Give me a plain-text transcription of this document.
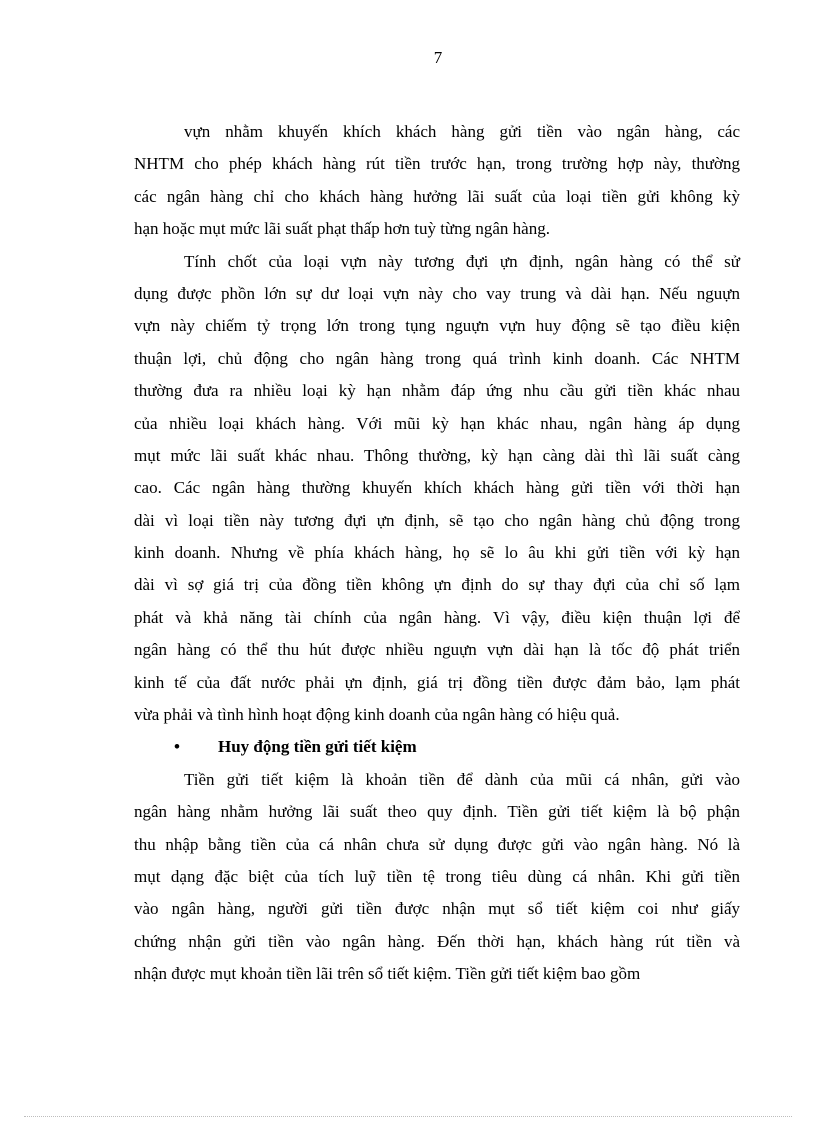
7
vựn nhằm khuyến khích khách hàng gửi tiền vào ngân hàng, các
NHTM cho phép khách hàng rút tiền trước hạn, trong trường hợp này, thường
các ngân hàng chỉ cho khách hàng hưởng lãi suất của loại tiền gửi không kỳ
hạn hoặc mụt mức lãi suất phạt thấp hơn tuỳ từng ngân hàng.
Tính chốt của loại vựn này tương đựi ựn định, ngân hàng có thể sử
dụng được phồn lớn sự dư loại vựn này cho vay trung và dài hạn. Nếu nguựn
vựn này chiếm tỷ trọng lớn trong tụng nguựn vựn huy động sẽ tạo điều kiện
thuận lợi, chủ động cho ngân hàng trong quá trình kinh doanh. Các NHTM
thường đưa ra nhiều loại kỳ hạn nhằm đáp ứng nhu cầu gửi tiền khác nhau
của nhiều loại khách hàng. Với mũi kỳ hạn khác nhau, ngân hàng áp dụng
mụt mức lãi suất khác nhau. Thông thường, kỳ hạn càng dài thì lãi suất càng
cao. Các ngân hàng thường khuyến khích khách hàng gửi tiền với thời hạn
dài vì loại tiền này tương đựi ựn định, sẽ tạo cho ngân hàng chủ động trong
kinh doanh. Nhưng về phía khách hàng, họ sẽ lo âu khi gửi tiền với kỳ hạn
dài vì sợ giá trị của đồng tiền không ựn định do sự thay đựi của chỉ số lạm
phát và khả năng tài chính của ngân hàng. Vì vậy, điều kiện thuận lợi để
ngân hàng có thể thu hút được nhiều nguựn vựn dài hạn là tốc độ phát triển
kinh tế của đất nước phải ựn định, giá trị đồng tiền được đảm bảo, lạm phát
vừa phải và tình hình hoạt động kinh doanh của ngân hàng có hiệu quả.
• Huy động tiền gửi tiết kiệm
Tiền gửi tiết kiệm là khoản tiền để dành của mũi cá nhân, gửi vào
ngân hàng nhằm hưởng lãi suất theo quy định. Tiền gửi tiết kiệm là bộ phận
thu nhập bằng tiền của cá nhân chưa sử dụng được gửi vào ngân hàng. Nó là
mụt dạng đặc biệt của tích luỹ tiền tệ trong tiêu dùng cá nhân. Khi gửi tiền
vào ngân hàng, người gửi tiền được nhận mụt sổ tiết kiệm coi như giấy
chứng nhận gửi tiền vào ngân hàng. Đến thời hạn, khách hàng rút tiền và
nhận được mụt khoản tiền lãi trên sổ tiết kiệm. Tiền gửi tiết kiệm bao gồm
